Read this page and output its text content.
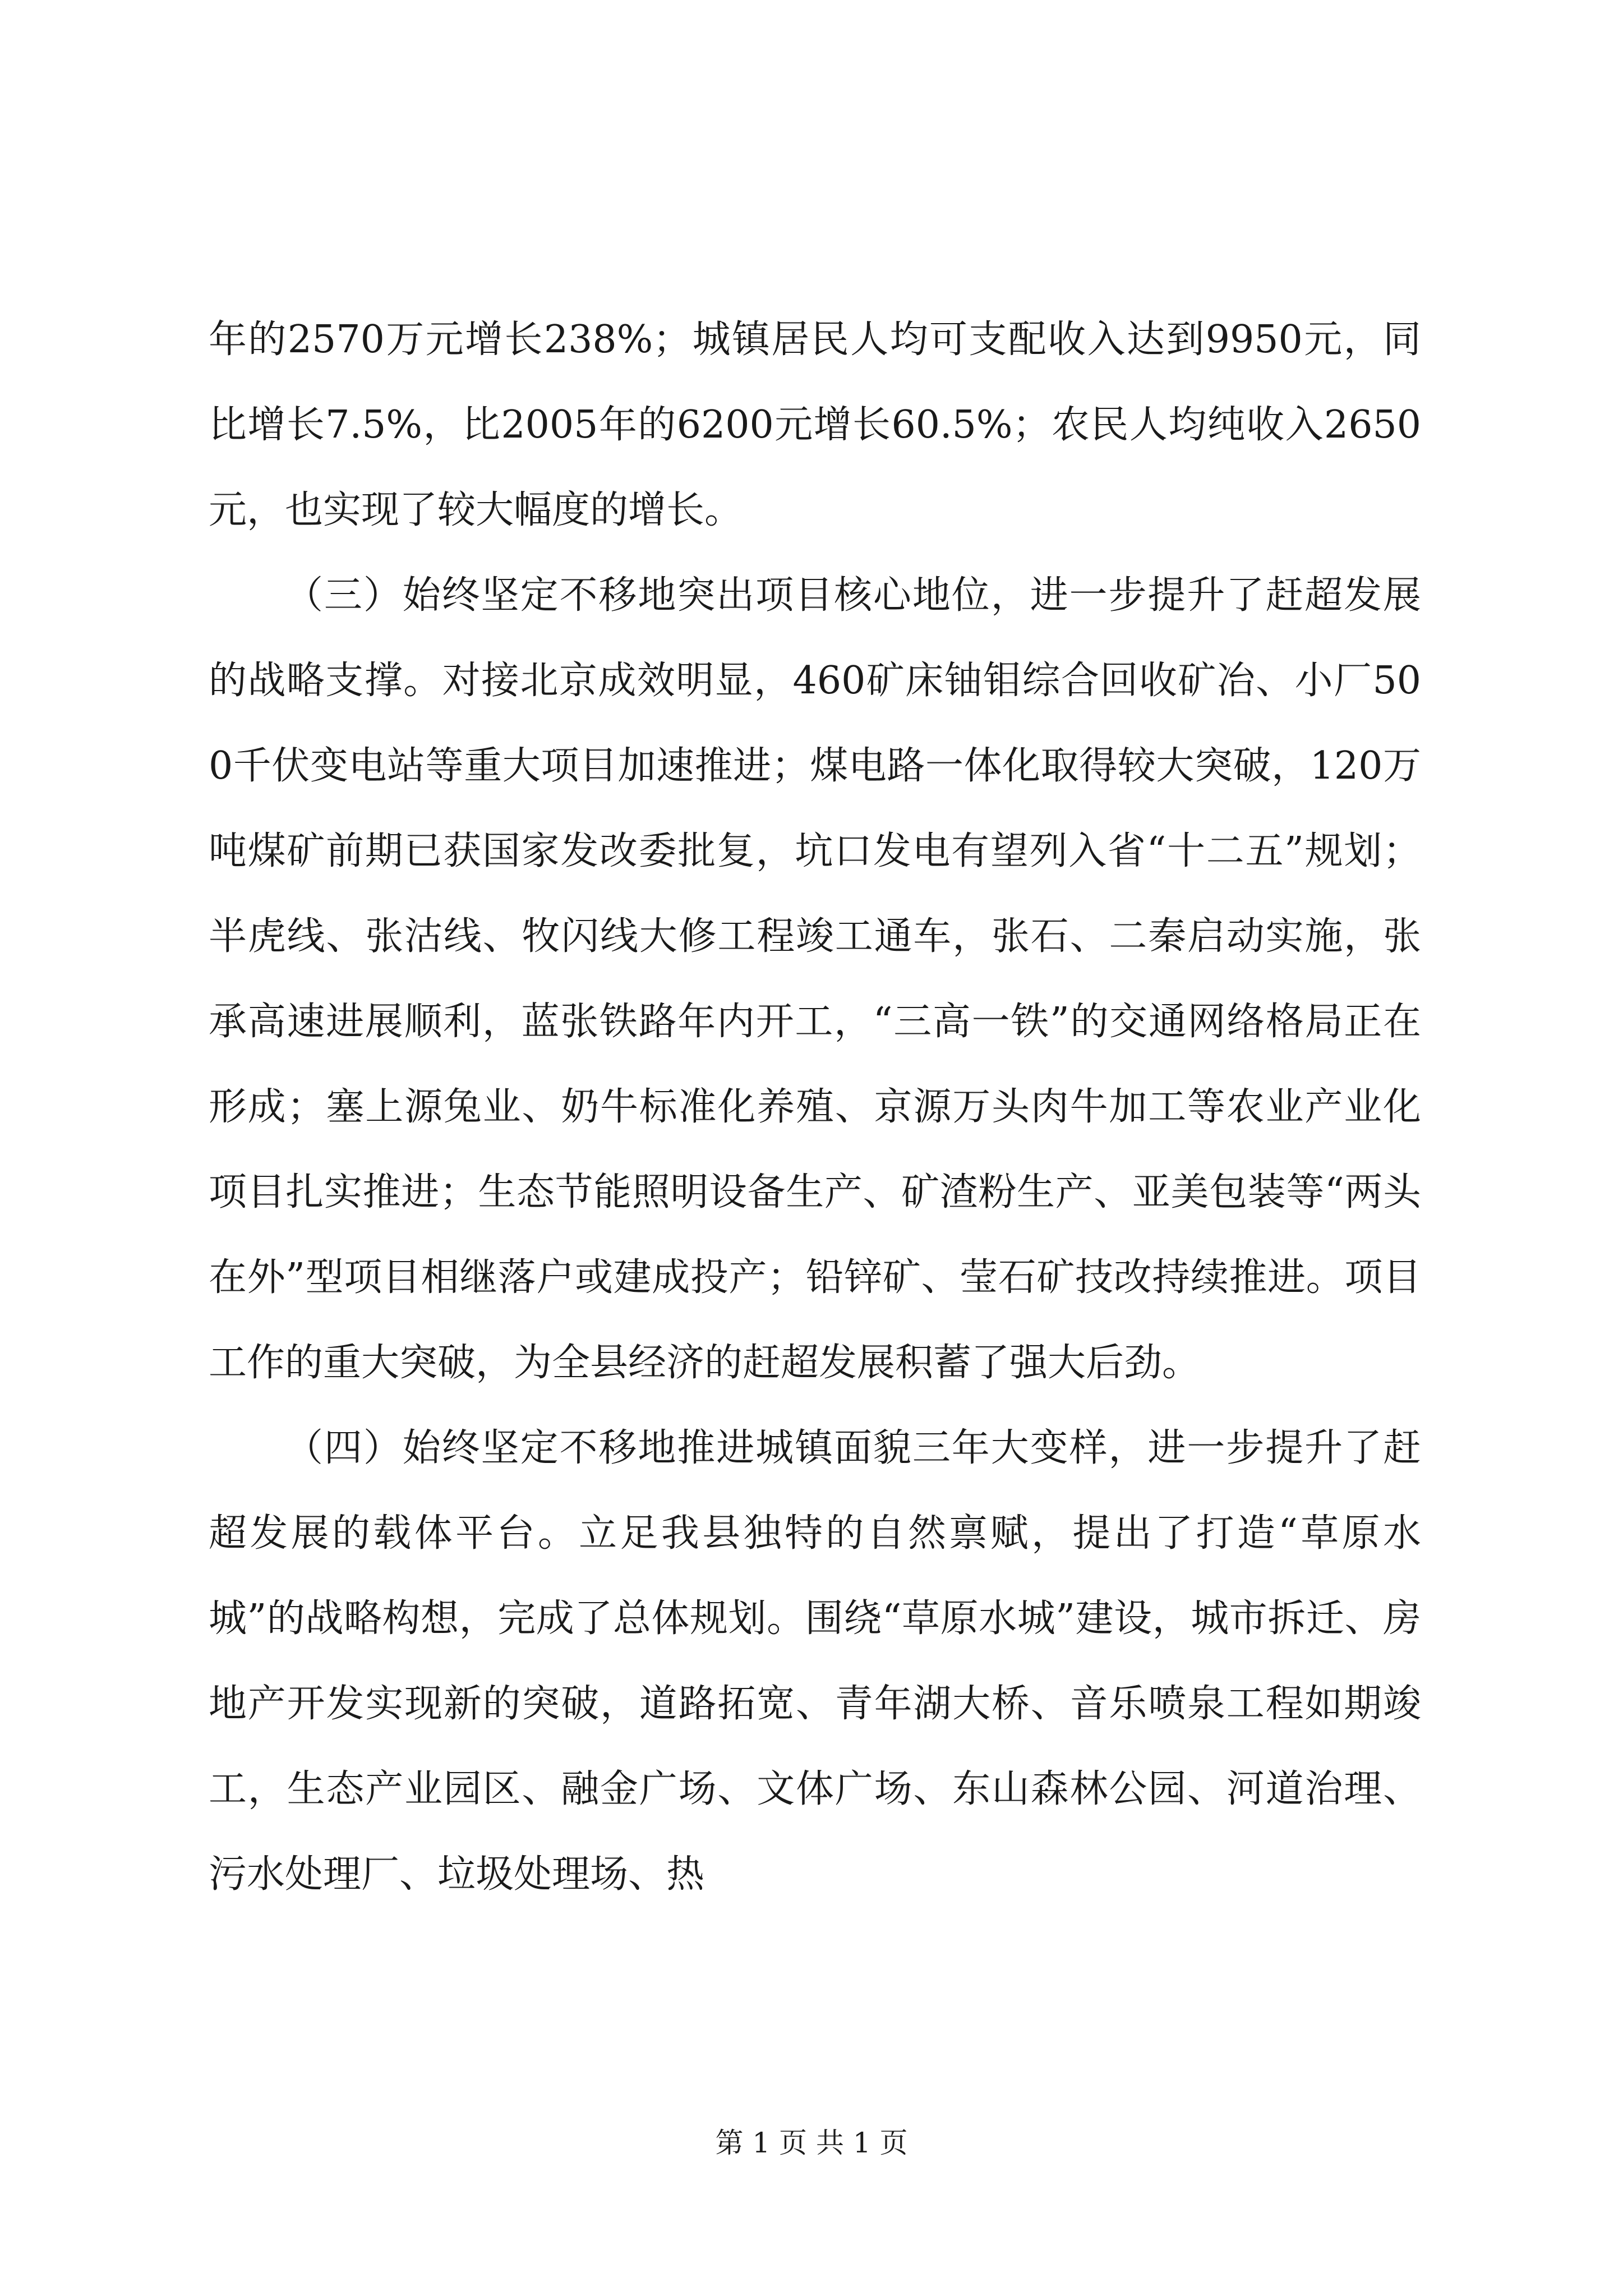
年的2570万元增长238%；城镇居民人均可支配收入达到9950元，同比增长7.5%，比2005年的6200元增长60.5%；农民人均纯收入2650元，也实现了较大幅度的增长。

（三）始终坚定不移地突出项目核心地位，进一步提升了赶超发展的战略支撑。对接北京成效明显，460矿床铀钼综合回收矿冶、小厂500千伏变电站等重大项目加速推进；煤电路一体化取得较大突破，120万吨煤矿前期已获国家发改委批复，坑口发电有望列入省“十二五”规划；半虎线、张沽线、牧闪线大修工程竣工通车，张石、二秦启动实施，张承高速进展顺利，蓝张铁路年内开工，“三高一铁”的交通网络格局正在形成；塞上源兔业、奶牛标准化养殖、京源万头肉牛加工等农业产业化项目扎实推进；生态节能照明设备生产、矿渣粉生产、亚美包装等“两头在外”型项目相继落户或建成投产；铅锌矿、莹石矿技改持续推进。项目工作的重大突破，为全县经济的赶超发展积蓄了强大后劲。

（四）始终坚定不移地推进城镇面貌三年大变样，进一步提升了赶超发展的载体平台。立足我县独特的自然禀赋，提出了打造“草原水城”的战略构想，完成了总体规划。围绕“草原水城”建设，城市拆迁、房地产开发实现新的突破，道路拓宽、青年湖大桥、音乐喷泉工程如期竣工，生态产业园区、融金广场、文体广场、东山森林公园、河道治理、污水处理厂、垃圾处理场、热

第 1 页 共 1 页
